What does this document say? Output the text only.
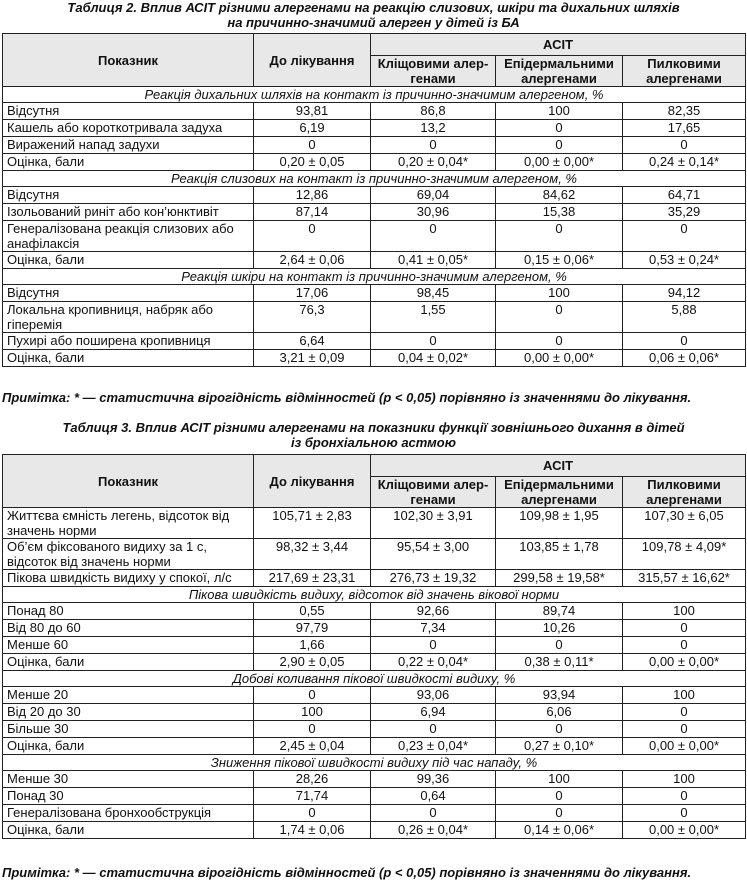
Таблиця 2. Вплив АСІТ різними алергенами на реакцію слизових, шкіри та дихальних шляхів
на причинно-значимий алерген у дітей із БА
Показник	До лікування	АСІТ		
		Кліщовими алер-генами	Епідермальними алергенами	Пилковими алергенами
Реакція дихальних шляхів на контакт із причинно-значимим алергеном, %				
Відсутня	93,81	86,8	100	82,35
Кашель або короткотривала задуха	6,19	13,2	0	17,65
Виражений напад задухи	0	0	0	0
Оцінка, бали	0,20 ± 0,05	0,20 ± 0,04*	0,00 ± 0,00*	0,24 ± 0,14*
Реакція слизових на контакт із причинно-значимим алергеном, %				
Відсутня	12,86	69,04	84,62	64,71
Ізольований риніт або кон’юнктивіт	87,14	30,96	15,38	35,29
Генералізована реакція слизових або анафілаксія	0	0	0	0
Оцінка, бали	2,64 ± 0,06	0,41 ± 0,05*	0,15 ± 0,06*	0,53 ± 0,24*
Реакція шкіри на контакт із причинно-значимим алергеном, %				
Відсутня	17,06	98,45	100	94,12
Локальна кропивниця, набряк або гіперемія	76,3	1,55	0	5,88
Пухирі або поширена кропивниця	6,64	0	0	0
Оцінка, бали	3,21 ± 0,09	0,04 ± 0,02*	0,00 ± 0,00*	0,06 ± 0,06*
Примітка: * — статистична вірогідність відмінностей (p < 0,05) порівняно із значеннями до лікування.
Таблиця 3. Вплив АСІТ різними алергенами на показники функції зовнішнього дихання в дітей
із бронхіальною астмою
Показник	До лікування	АСІТ		
		Кліщовими алер-генами	Епідермальними алергенами	Пилковими алергенами
Життєва ємність легень, відсоток від значень норми	105,71 ± 2,83	102,30 ± 3,91	109,98 ± 1,95	107,30 ± 6,05
Об’єм фіксованого видиху за 1 с, відсоток від значень норми	98,32 ± 3,44	95,54 ± 3,00	103,85 ± 1,78	109,78 ± 4,09*
Пікова швидкість видиху у спокої, л/с	217,69 ± 23,31	276,73 ± 19,32	299,58 ± 19,58*	315,57 ± 16,62*
Пікова швидкість видиху, відсоток від значень вікової норми				
Понад 80	0,55	92,66	89,74	100
Від 80 до 60	97,79	7,34	10,26	0
Менше 60	1,66	0	0	0
Оцінка, бали	2,90 ± 0,05	0,22 ± 0,04*	0,38 ± 0,11*	0,00 ± 0,00*
Добові коливання пікової швидкості видиху, %				
Менше 20	0	93,06	93,94	100
Від 20 до 30	100	6,94	6,06	0
Більше 30	0	0	0	0
Оцінка, бали	2,45 ± 0,04	0,23 ± 0,04*	0,27 ± 0,10*	0,00 ± 0,00*
Зниження пікової швидкості видиху під час нападу, %				
Менше 30	28,26	99,36	100	100
Понад 30	71,74	0,64	0	0
Генералізована бронхообструкція	0	0	0	0
Оцінка, бали	1,74 ± 0,06	0,26 ± 0,04*	0,14 ± 0,06*	0,00 ± 0,00*
Примітка: * — статистична вірогідність відмінностей (p < 0,05) порівняно із значеннями до лікування.
